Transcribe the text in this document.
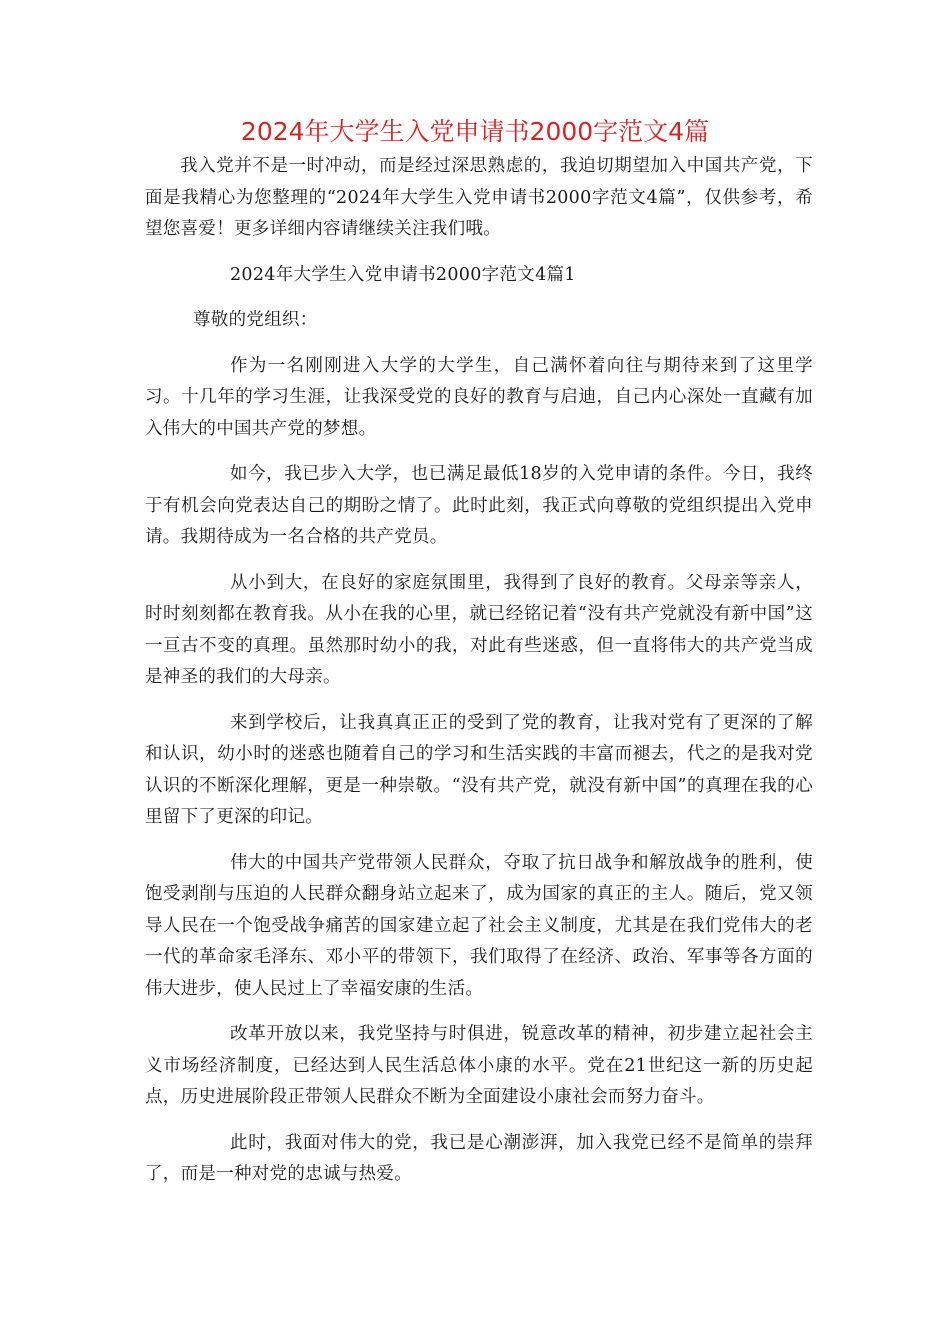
2024年大学生入党申请书2000字范文4篇

我入党并不是一时冲动，而是经过深思熟虑的，我迫切期望加入中国共产党，下面是我精心为您整理的“2024年大学生入党申请书2000字范文4篇”，仅供参考，希望您喜爱！更多详细内容请继续关注我们哦。

2024年大学生入党申请书2000字范文4篇1

尊敬的党组织：

作为一名刚刚进入大学的大学生，自己满怀着向往与期待来到了这里学习。十几年的学习生涯，让我深受党的良好的教育与启迪，自己内心深处一直藏有加入伟大的中国共产党的梦想。

如今，我已步入大学，也已满足最低18岁的入党申请的条件。今日，我终于有机会向党表达自己的期盼之情了。此时此刻，我正式向尊敬的党组织提出入党申请。我期待成为一名合格的共产党员。

从小到大，在良好的家庭氛围里，我得到了良好的教育。父母亲等亲人，时时刻刻都在教育我。从小在我的心里，就已经铭记着“没有共产党就没有新中国”这一亘古不变的真理。虽然那时幼小的我，对此有些迷惑，但一直将伟大的共产党当成是神圣的我们的大母亲。

来到学校后，让我真真正正的受到了党的教育，让我对党有了更深的了解和认识，幼小时的迷惑也随着自己的学习和生活实践的丰富而褪去，代之的是我对党认识的不断深化理解，更是一种崇敬。“没有共产党，就没有新中国”的真理在我的心里留下了更深的印记。

伟大的中国共产党带领人民群众，夺取了抗日战争和解放战争的胜利，使饱受剥削与压迫的人民群众翻身站立起来了，成为国家的真正的主人。随后，党又领导人民在一个饱受战争痛苦的国家建立起了社会主义制度，尤其是在我们党伟大的老一代的革命家毛泽东、邓小平的带领下，我们取得了在经济、政治、军事等各方面的伟大进步，使人民过上了幸福安康的生活。

改革开放以来，我党坚持与时俱进，锐意改革的精神，初步建立起社会主义市场经济制度，已经达到人民生活总体小康的水平。党在21世纪这一新的历史起点，历史进展阶段正带领人民群众不断为全面建设小康社会而努力奋斗。

此时，我面对伟大的党，我已是心潮澎湃，加入我党已经不是简单的崇拜了，而是一种对党的忠诚与热爱。
